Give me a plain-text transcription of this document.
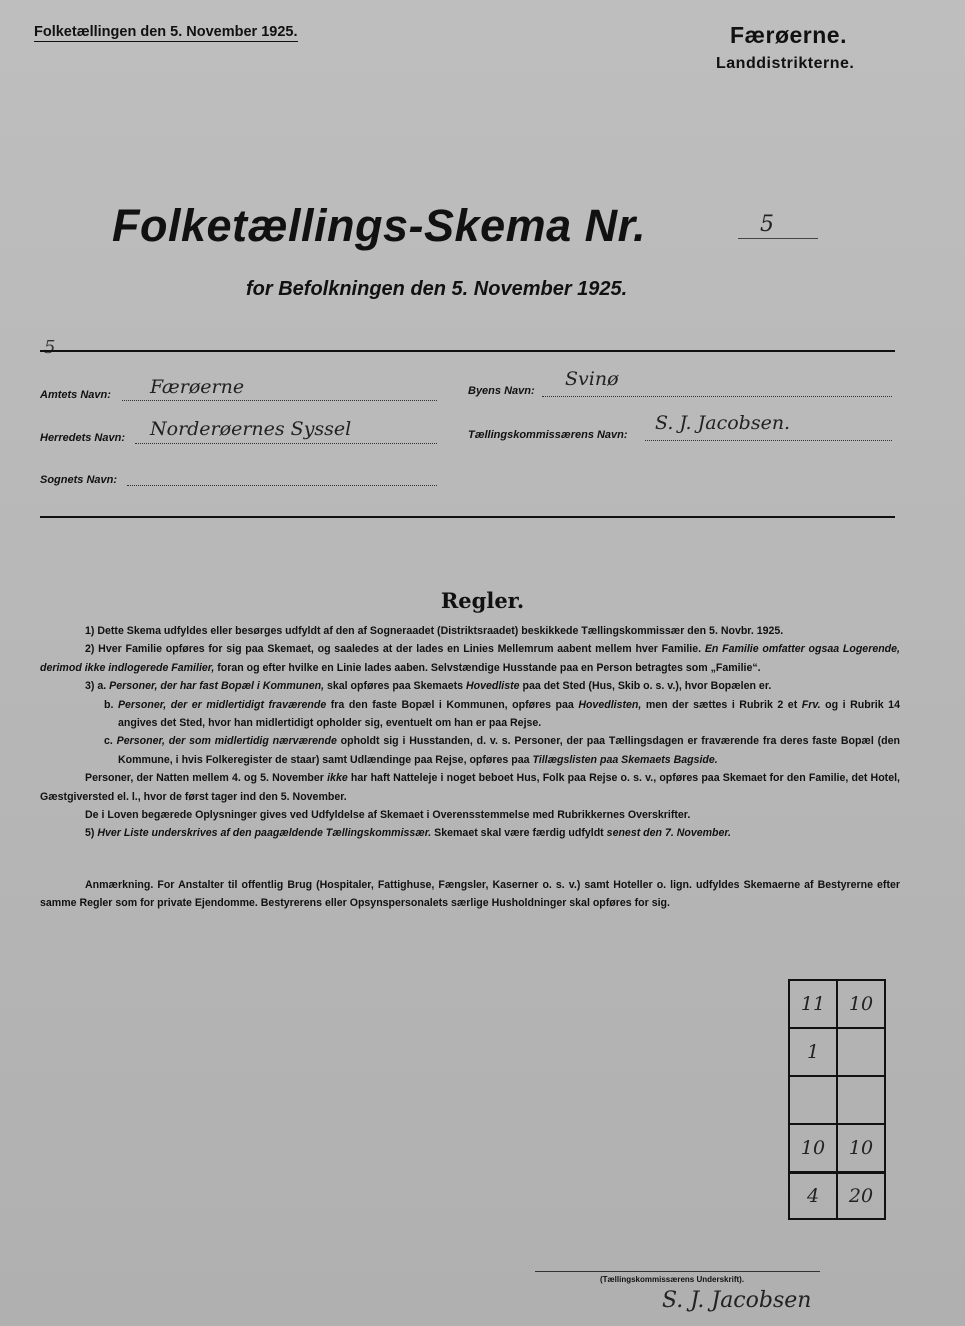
Folketællingen den 5. November 1925.	Færøerne.
Landdistrikterne.
Folketællings-Skema Nr.	5
for Befolkningen den 5. November 1925.
5
Amtets Navn: Færøerne
Herredets Navn: Norderøernes Syssel
Sognets Navn:
Byens Navn:
Svinø
Tællingskommissærens Navn:
S. J. Jacobsen.
Regler.

1) Dette Skema udfyldes eller besørges udfyldt af den af Sogneraadet (Distriktsraadet) beskikkede Tællingskommissær den 5. Novbr. 1925.

2) Hver Familie opføres for sig paa Skemaet, og saaledes at der lades en Linies Mellemrum aabent mellem hver Familie. En Familie omfatter ogsaa Logerende, derimod ikke indlogerede Familier, foran og efter hvilke en Linie lades aaben. Selvstændige Husstande paa en Person betragtes som „Familie“.

3) a. Personer, der har fast Bopæl i Kommunen, skal opføres paa Skemaets Hovedliste paa det Sted (Hus, Skib o. s. v.), hvor Bopælen er.

b. Personer, der er midlertidigt fraværende fra den faste Bopæl i Kommunen, opføres paa Hovedlisten, men der sættes i Rubrik 2 et Frv. og i Rubrik 14 angives det Sted, hvor han midlertidigt opholder sig, eventuelt om han er paa Rejse.

c. Personer, der som midlertidig nærværende opholdt sig i Husstanden, d. v. s. Personer, der paa Tællingsdagen er fraværende fra deres faste Bopæl (den Kommune, i hvis Folkeregister de staar) samt Udlændinge paa Rejse, opføres paa Tillægslisten paa Skemaets Bagside.

Personer, der Natten mellem 4. og 5. November ikke har haft Natteleje i noget beboet Hus, Folk paa Rejse o. s. v., opføres paa Skemaet for den Familie, det Hotel, Gæstgiversted el. l., hvor de først tager ind den 5. November.

De i Loven begærede Oplysninger gives ved Udfyldelse af Skemaet i Overensstemmelse med Rubrikkernes Overskrifter.

5) Hver Liste underskrives af den paagældende Tællingskommissær. Skemaet skal være færdig udfyldt senest den 7. November.

Anmærkning. For Anstalter til offentlig Brug (Hospitaler, Fattighuse, Fængsler, Kaserner o. s. v.) samt Hoteller o. lign. udfyldes Skemaerne af Bestyrerne efter samme Regler som for private Ejendomme. Bestyrerens eller Opsynspersonalets særlige Husholdninger skal opføres for sig.
11	10
1	

10	10
4	20
(Tællingskommissærens Underskrift).
S. J. Jacobsen
